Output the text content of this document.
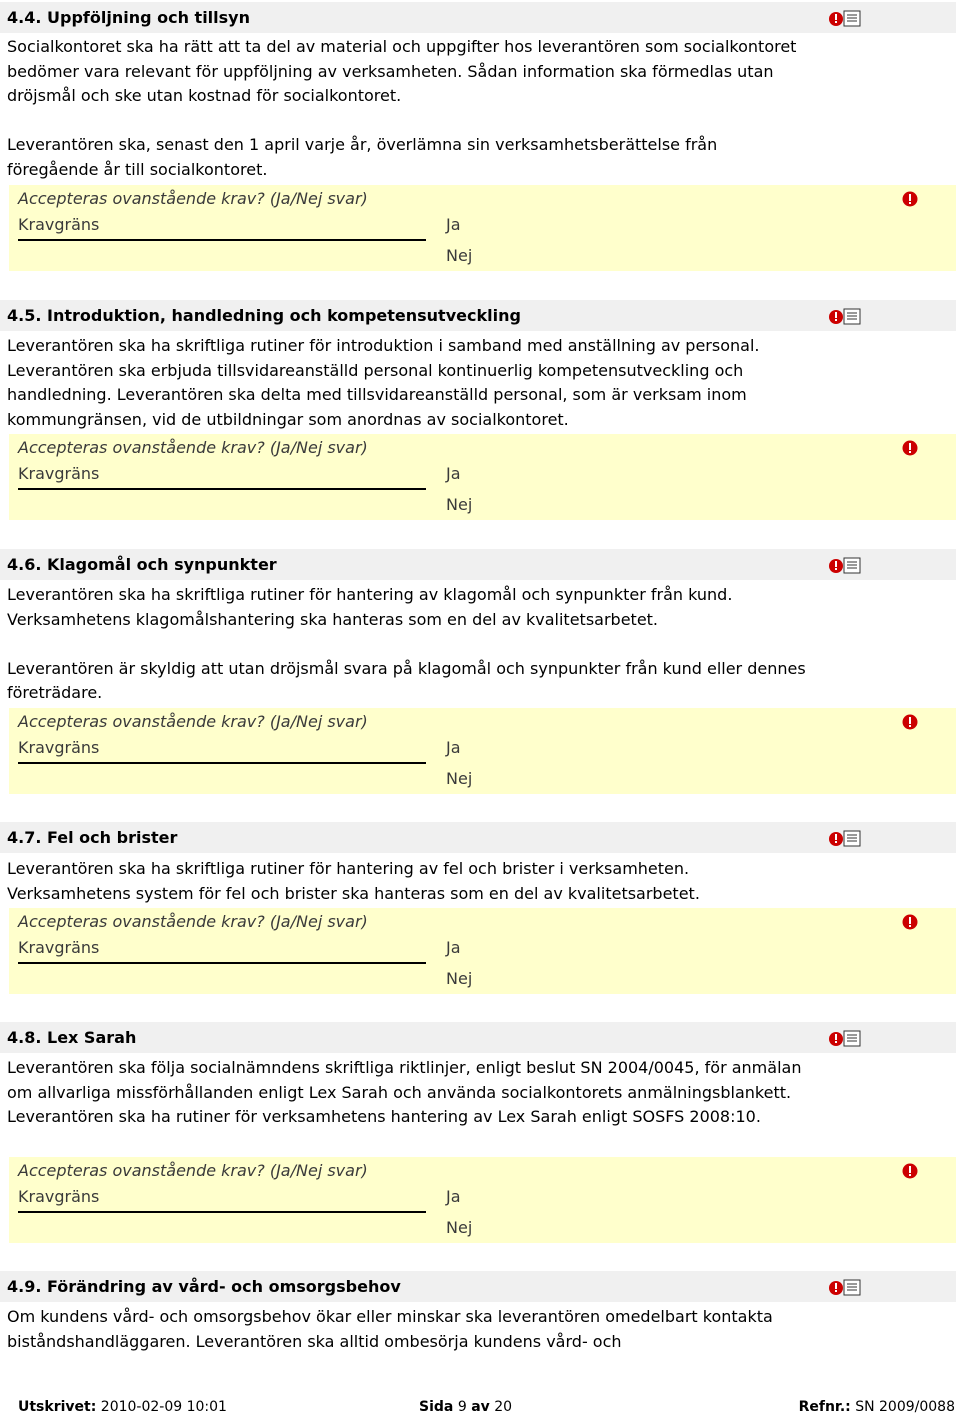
4.4. Uppföljning och tillsyn

Socialkontoret ska ha rätt att ta del av material och uppgifter hos leverantören som socialkontoret bedömer vara relevant för uppföljning av verksamheten. Sådan information ska förmedlas utan dröjsmål och ske utan kostnad för socialkontoret.

Leverantören ska, senast den 1 april varje år, överlämna sin verksamhetsberättelse från föregående år till socialkontoret.

Accepteras ovanstående krav? (Ja/Nej svar)
Kravgräns	Ja
Nej
4.5. Introduktion, handledning och kompetensutveckling

Leverantören ska ha skriftliga rutiner för introduktion i samband med anställning av personal. Leverantören ska erbjuda tillsvidareanställd personal kontinuerlig kompetensutveckling och handledning. Leverantören ska delta med tillsvidareanställd personal, som är verksam inom kommungränsen, vid de utbildningar som anordnas av socialkontoret.

Accepteras ovanstående krav? (Ja/Nej svar)
Kravgräns	Ja
Nej
4.6. Klagomål och synpunkter

Leverantören ska ha skriftliga rutiner för hantering av klagomål och synpunkter från kund. Verksamhetens klagomålshantering ska hanteras som en del av kvalitetsarbetet.

Leverantören är skyldig att utan dröjsmål svara på klagomål och synpunkter från kund eller dennes företrädare.

Accepteras ovanstående krav? (Ja/Nej svar)
Kravgräns	Ja
Nej
4.7. Fel och brister

Leverantören ska ha skriftliga rutiner för hantering av fel och brister i verksamheten. Verksamhetens system för fel och brister ska hanteras som en del av kvalitetsarbetet.

Accepteras ovanstående krav? (Ja/Nej svar)
Kravgräns	Ja
Nej
4.8. Lex Sarah

Leverantören ska följa socialnämndens skriftliga riktlinjer, enligt beslut SN 2004/0045, för anmälan om allvarliga missförhållanden enligt Lex Sarah och använda socialkontorets anmälningsblankett. Leverantören ska ha rutiner för verksamhetens hantering av Lex Sarah enligt SOSFS 2008:10.

Accepteras ovanstående krav? (Ja/Nej svar)
Kravgräns	Ja
Nej
4.9. Förändring av vård- och omsorgsbehov

Om kundens vård- och omsorgsbehov ökar eller minskar ska leverantören omedelbart kontakta biståndshandläggaren. Leverantören ska alltid ombesörja kundens vård- och

Utskrivet: 2010-02-09 10:01	Sida 9 av 20	Refnr.: SN 2009/0088
